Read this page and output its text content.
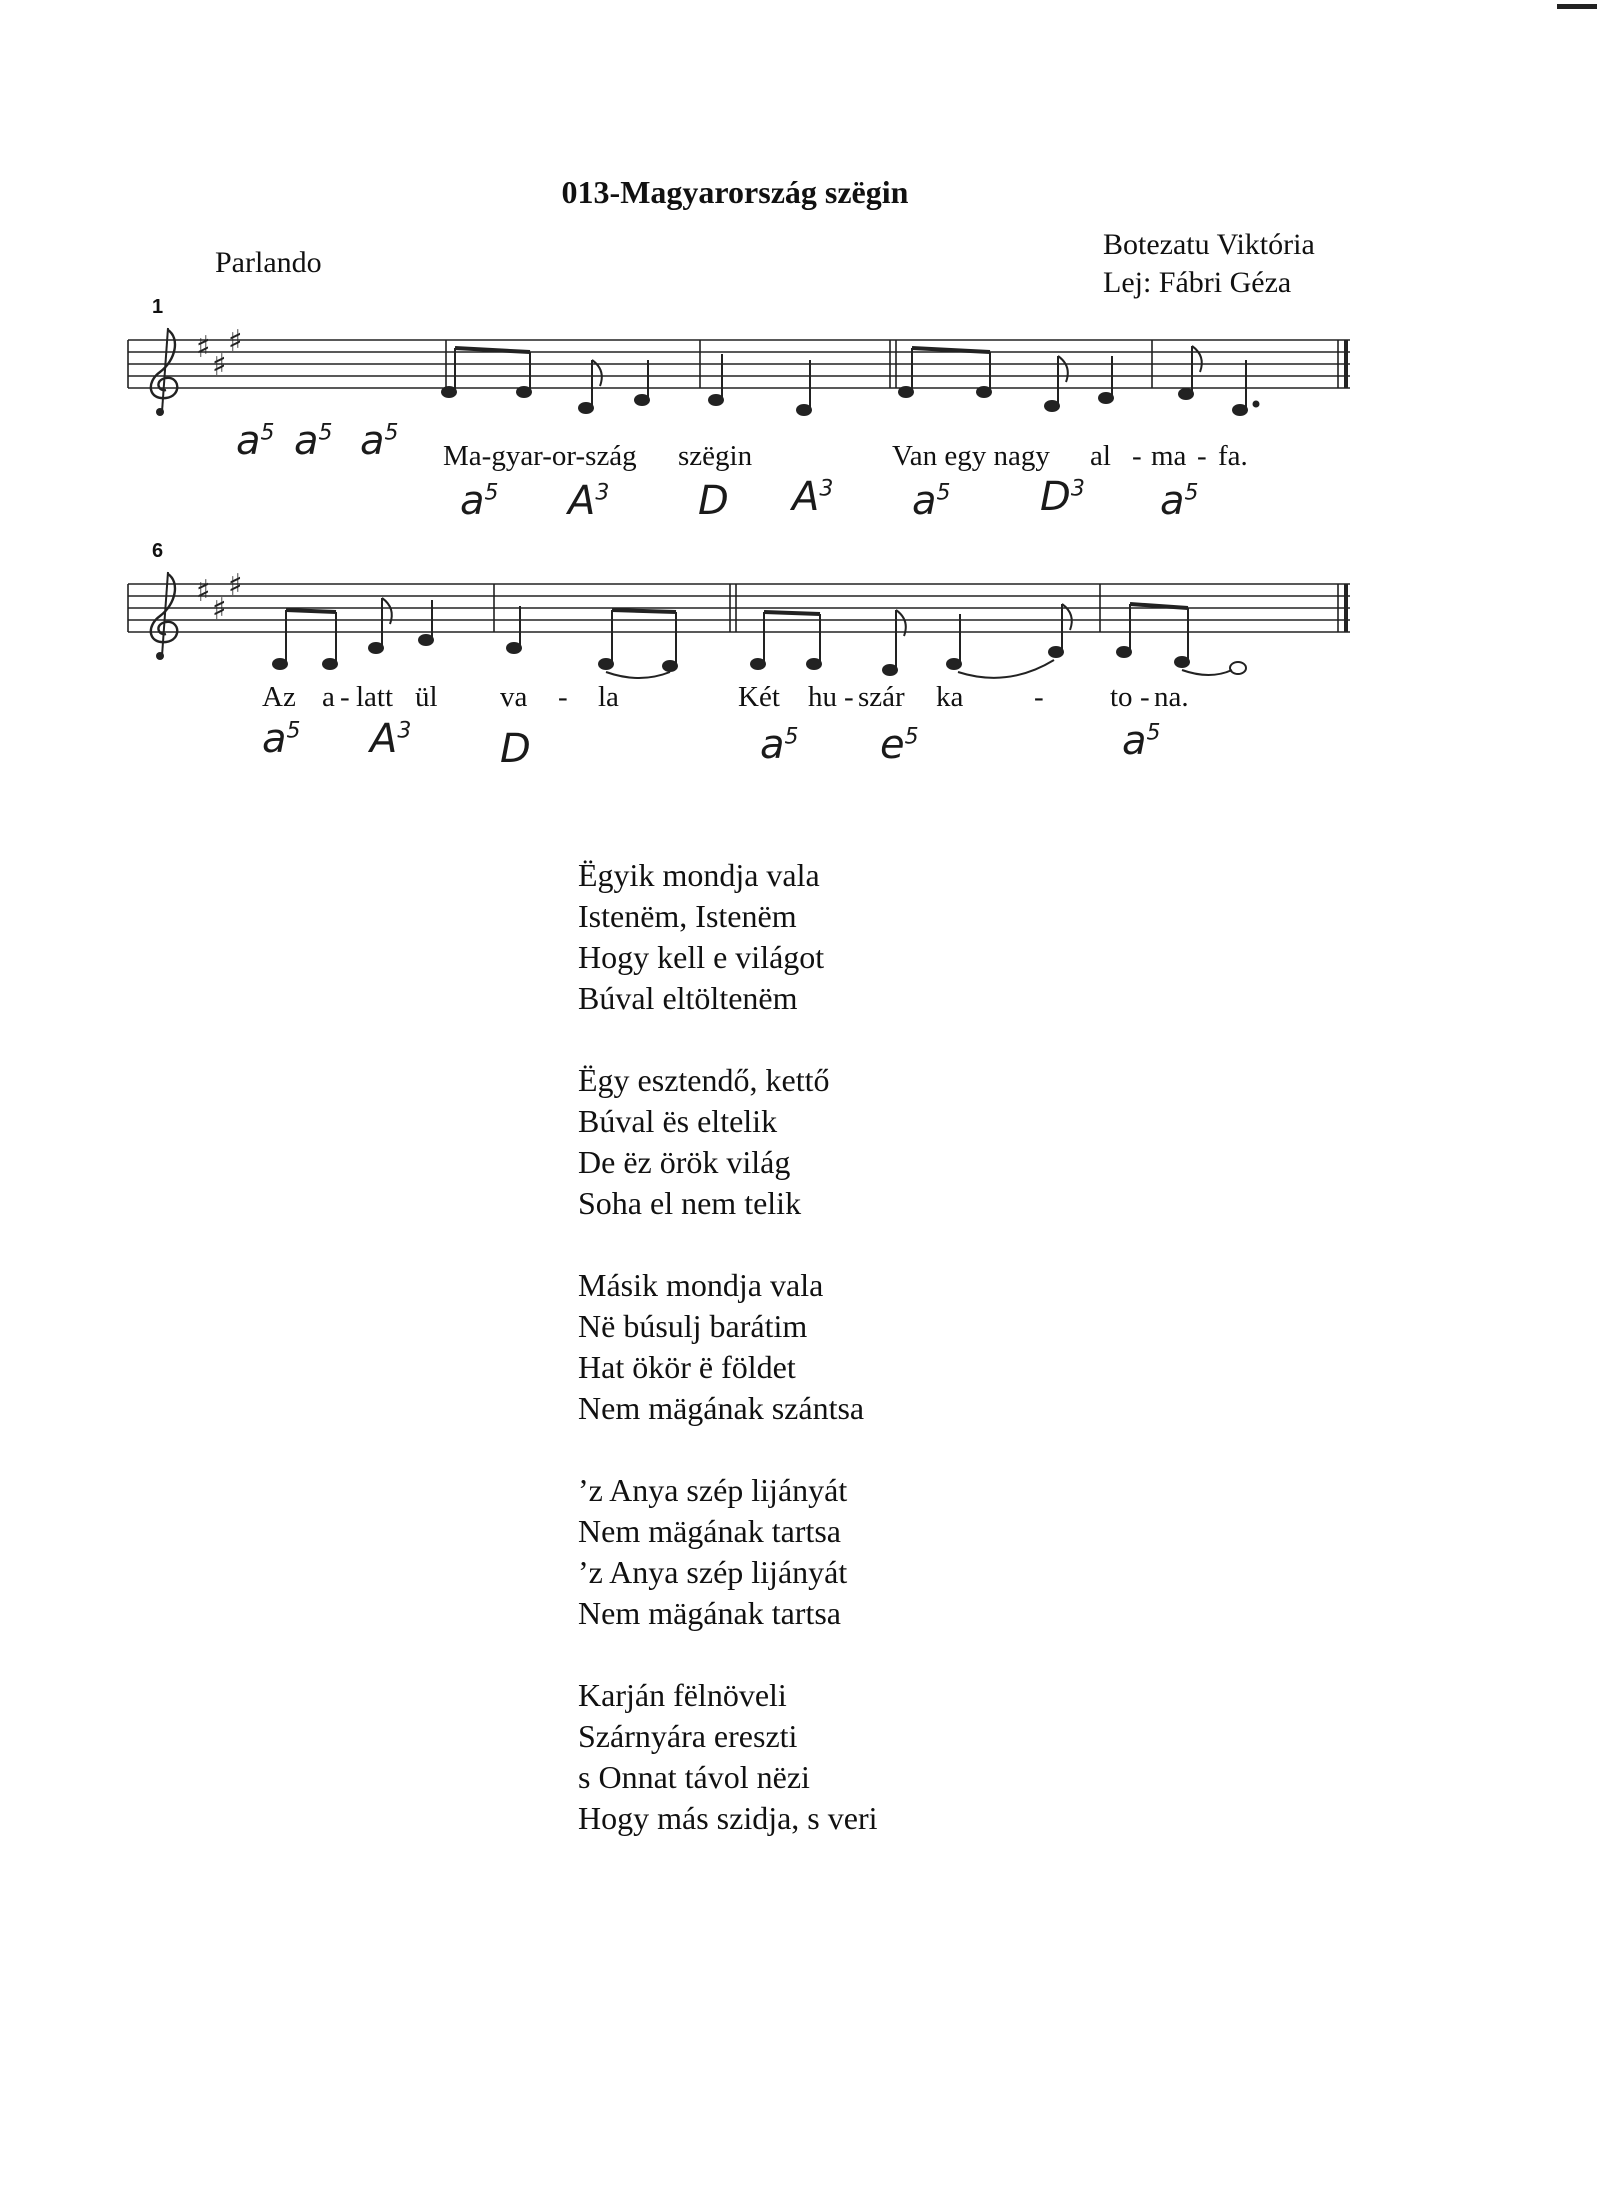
013-Magyarország szëgin
Parlando
Botezatu Viktória
Lej: Fábri Géza
♯
♯
♯
1
Ma-gyar-or-szág szëgin	Van egy nagy al - ma - fa.
$a^5$ $a^5$ $a^5$
$a^5$ $A^3$ D $A^3$ $a^5$ $D^3$ $a^5$
♯
♯
♯
6
Az a - latt ül va - la	Két hu - szár ka - to - na.
$a^5$ $A^3$ D	$a^5$ $e^5$	$a^5$
Ëgyik mondja vala
Istenëm, Istenëm
Hogy kell e világot
Búval eltöltenëm
Ëgy esztendő, kettő
Búval ës eltelik
De ëz örök világ
Soha el nem telik
Másik mondja vala
Në búsulj barátim
Hat ökör ë földet
Nem mägának szántsa
’z Anya szép lijányát
Nem mägának tartsa
’z Anya szép lijányát
Nem mägának tartsa
Karján fëlnöveli
Szárnyára ereszti
s Onnat távol nëzi
Hogy más szidja, s veri
